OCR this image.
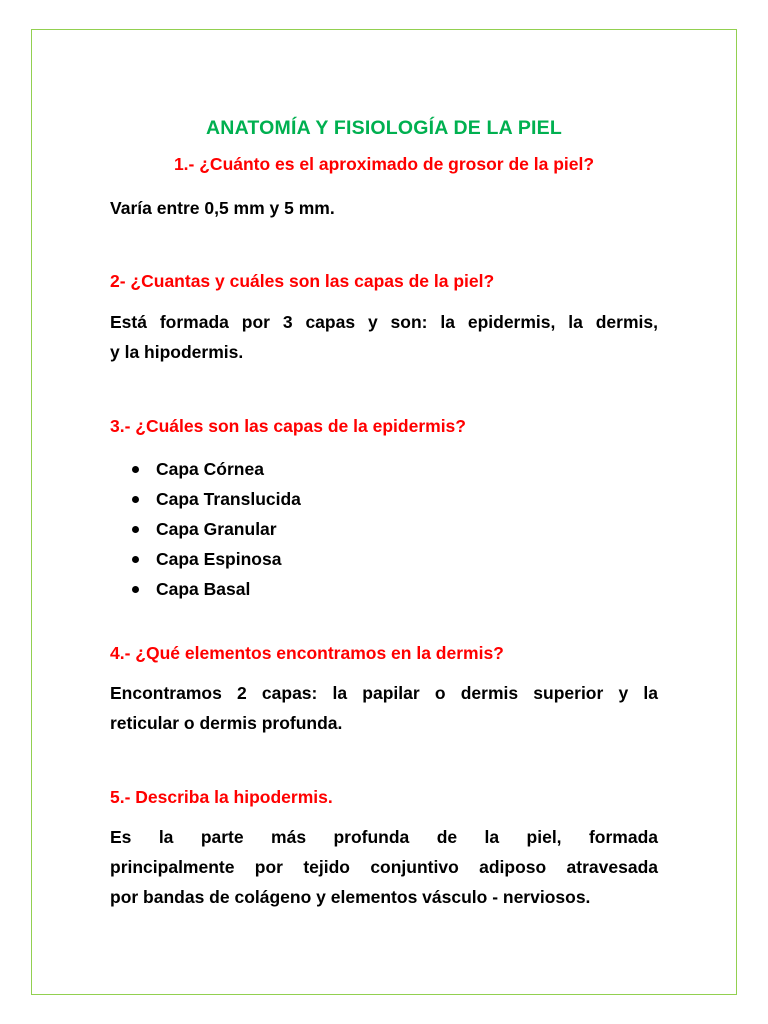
ANATOMÍA Y FISIOLOGÍA DE LA PIEL

1.- ¿Cuánto es el aproximado de grosor de la piel?

Varía entre 0,5 mm y 5 mm.

2- ¿Cuantas y cuáles son las capas de la piel?

Está formada por 3 capas y son: la epidermis, la dermis,
y la hipodermis.

3.- ¿Cuáles son las capas de la epidermis?

Capa Córnea
Capa Translucida
Capa Granular
Capa Espinosa
Capa Basal

4.- ¿Qué elementos encontramos en la dermis?

Encontramos 2 capas: la papilar o dermis superior y la
reticular o dermis profunda.

5.- Describa la hipodermis.

Es la parte más profunda de la piel, formada
principalmente por tejido conjuntivo adiposo atravesada
por bandas de colágeno y elementos vásculo - nerviosos.
